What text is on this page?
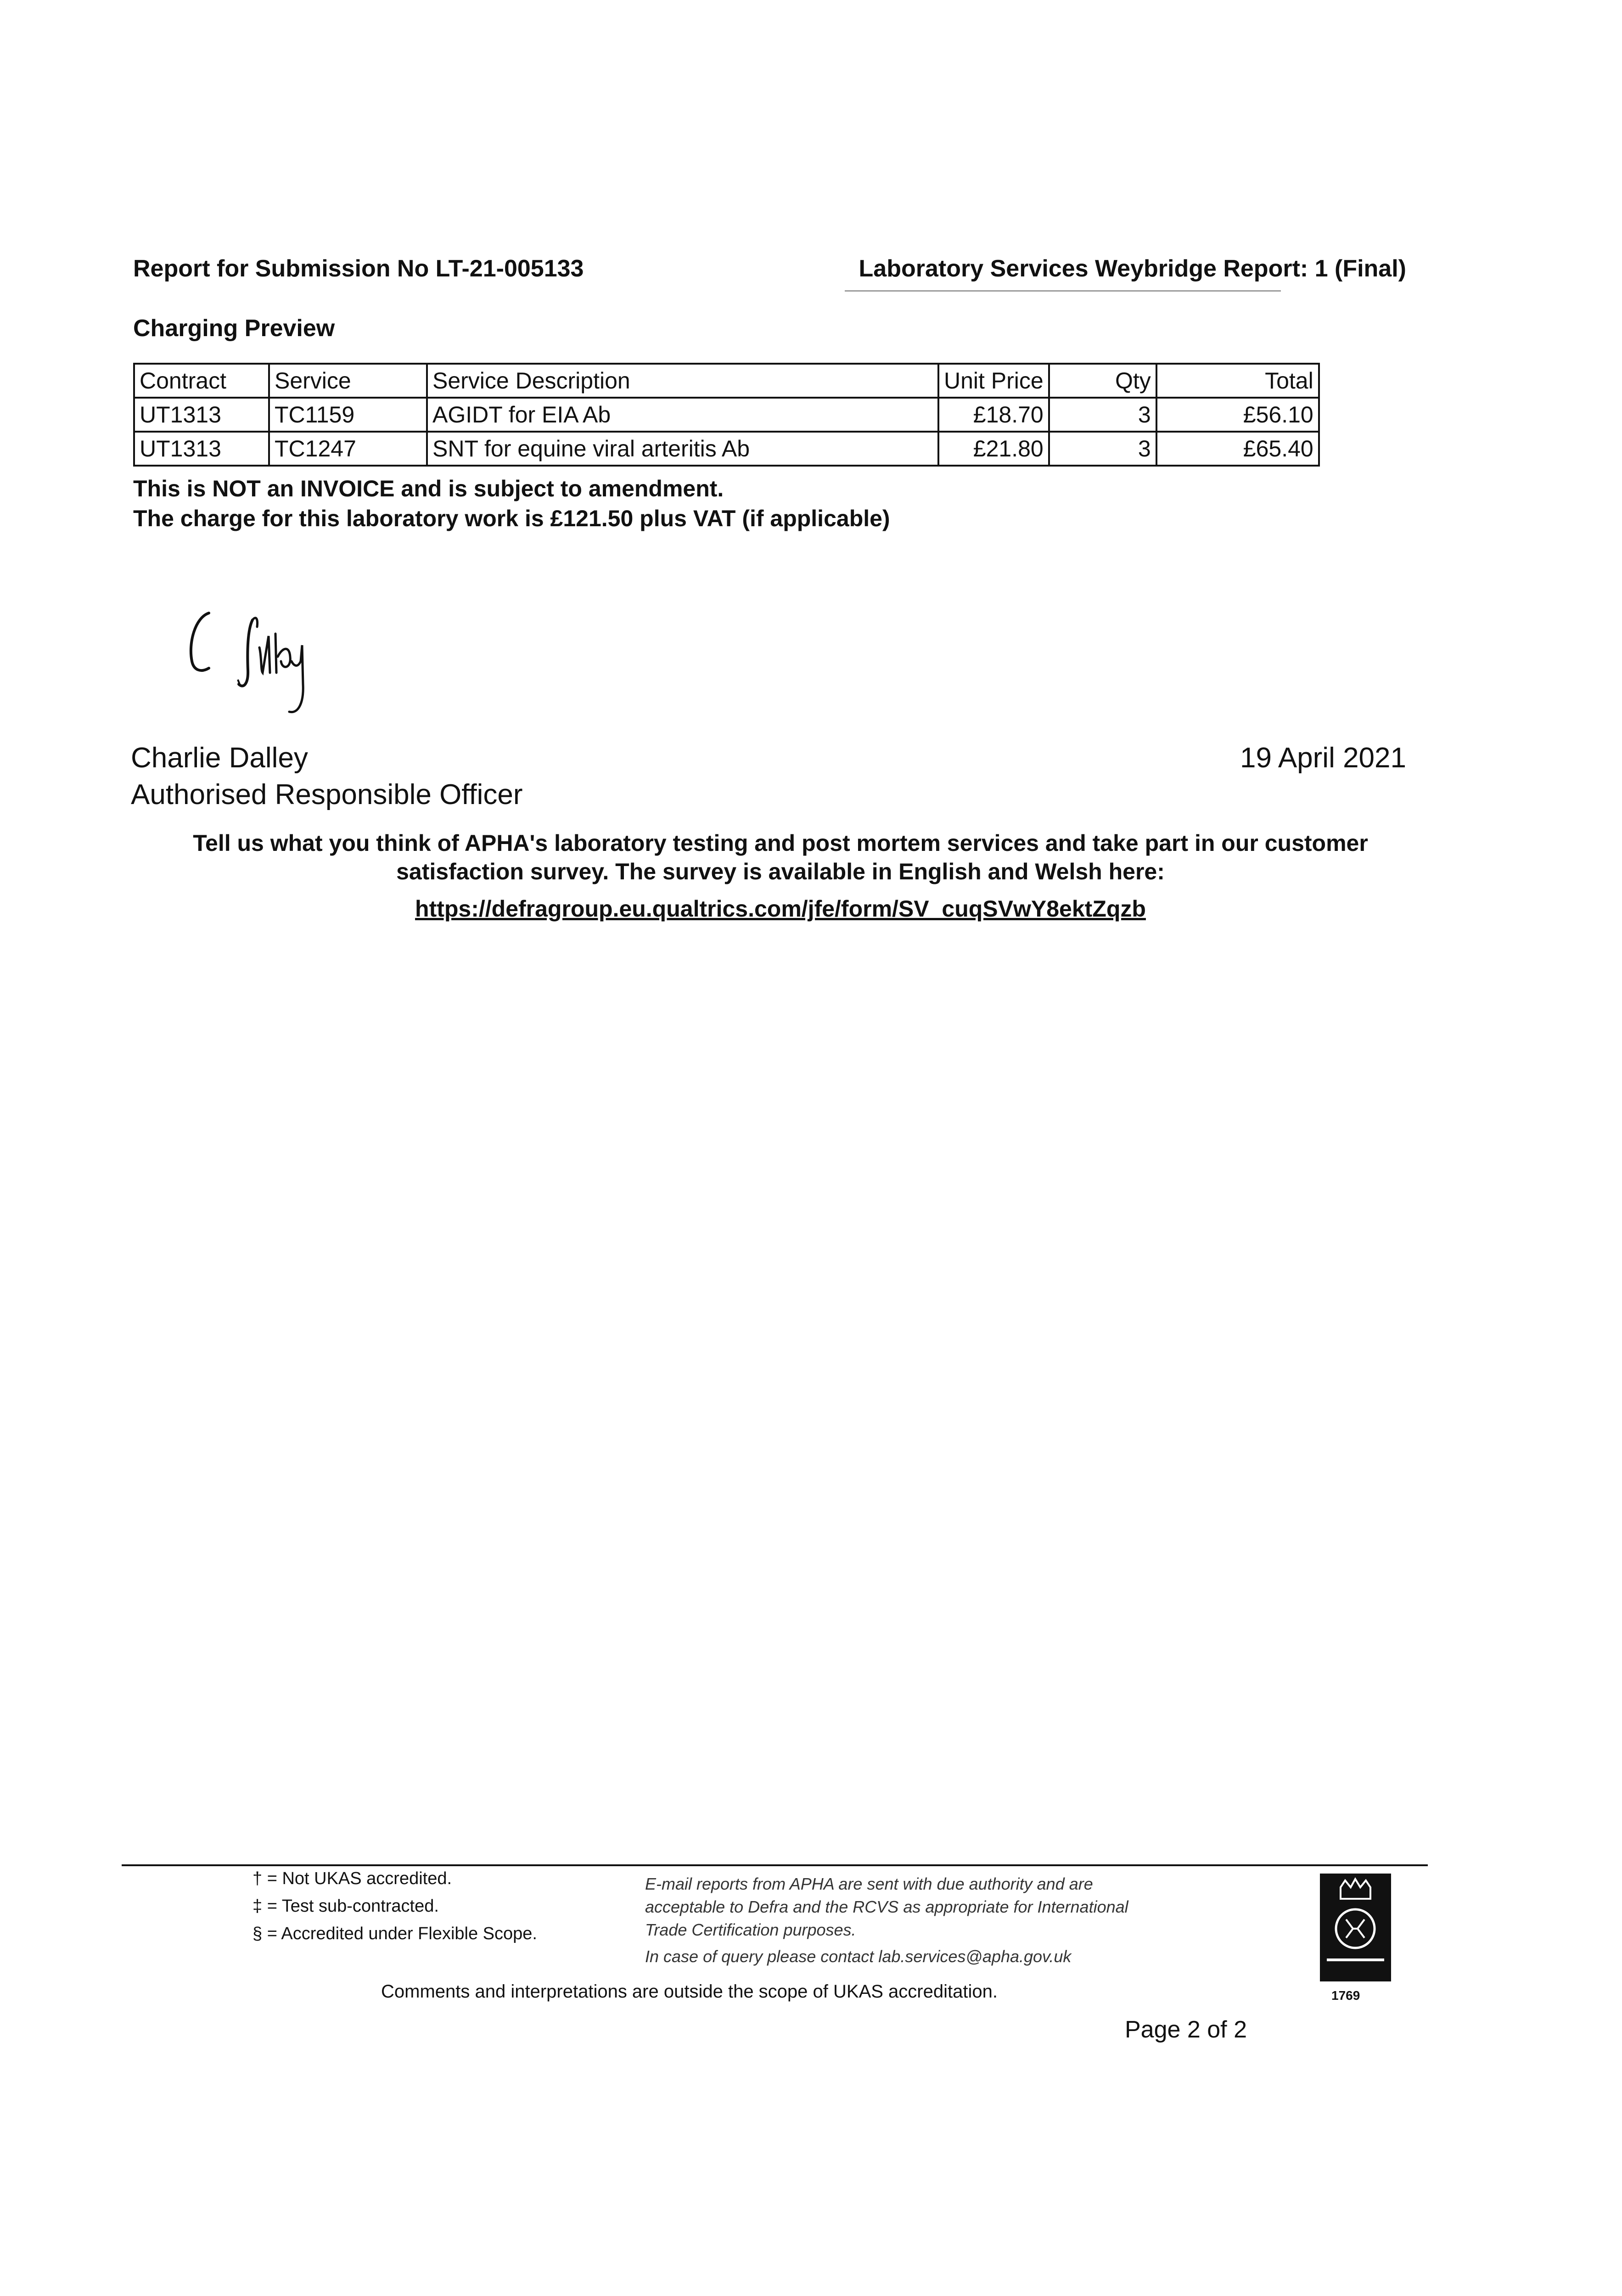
Report for Submission No LT-21-005133	Laboratory Services Weybridge Report: 1 (Final)
Charging Preview
Contract	Service	Service Description	Unit Price	Qty	Total
UT1313	TC1159	AGIDT for EIA Ab	£18.70	3	£56.10
UT1313	TC1247	SNT for equine viral arteritis Ab	£21.80	3	£65.40
This is NOT an INVOICE and is subject to amendment.
The charge for this laboratory work is £121.50 plus VAT (if applicable)
Charlie Dalley
Authorised Responsible Officer
19 April 2021
Tell us what you think of APHA's laboratory testing and post mortem services and take part in our customer
satisfaction survey. The survey is available in English and Welsh here:
https://defragroup.eu.qualtrics.com/jfe/form/SV_cuqSVwY8ektZqzb
† = Not UKAS accredited.
‡ = Test sub-contracted.
§ = Accredited under Flexible Scope.
E-mail reports from APHA are sent with due authority and are
acceptable to Defra and the RCVS as appropriate for International
Trade Certification purposes.
In case of query please contact lab.services@apha.gov.uk
Comments and interpretations are outside the scope of UKAS accreditation.
Page 2 of 2
1769
